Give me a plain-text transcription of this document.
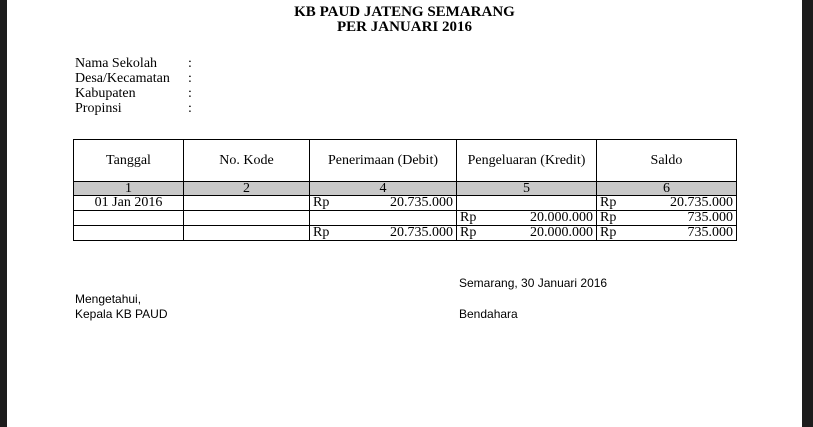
KB PAUD JATENG SEMARANG
PER JANUARI 2016
Nama Sekolah :
Desa/Kecamatan :
Kabupaten	:
Propinsi	:
Tanggal	No. Kode	Penerimaan (Debit)	Pengeluaran (Kredit)	Saldo
1	2	4	5	6
01 Jan 2016		Rp 20.735.000		Rp 20.735.000

			Rp 20.000.000	Rp 735.000

		Rp 20.735.000	Rp 20.000.000	Rp 735.000
Semarang, 30 Januari 2016
Mengetahui,
Kepala KB PAUD	Bendahara
